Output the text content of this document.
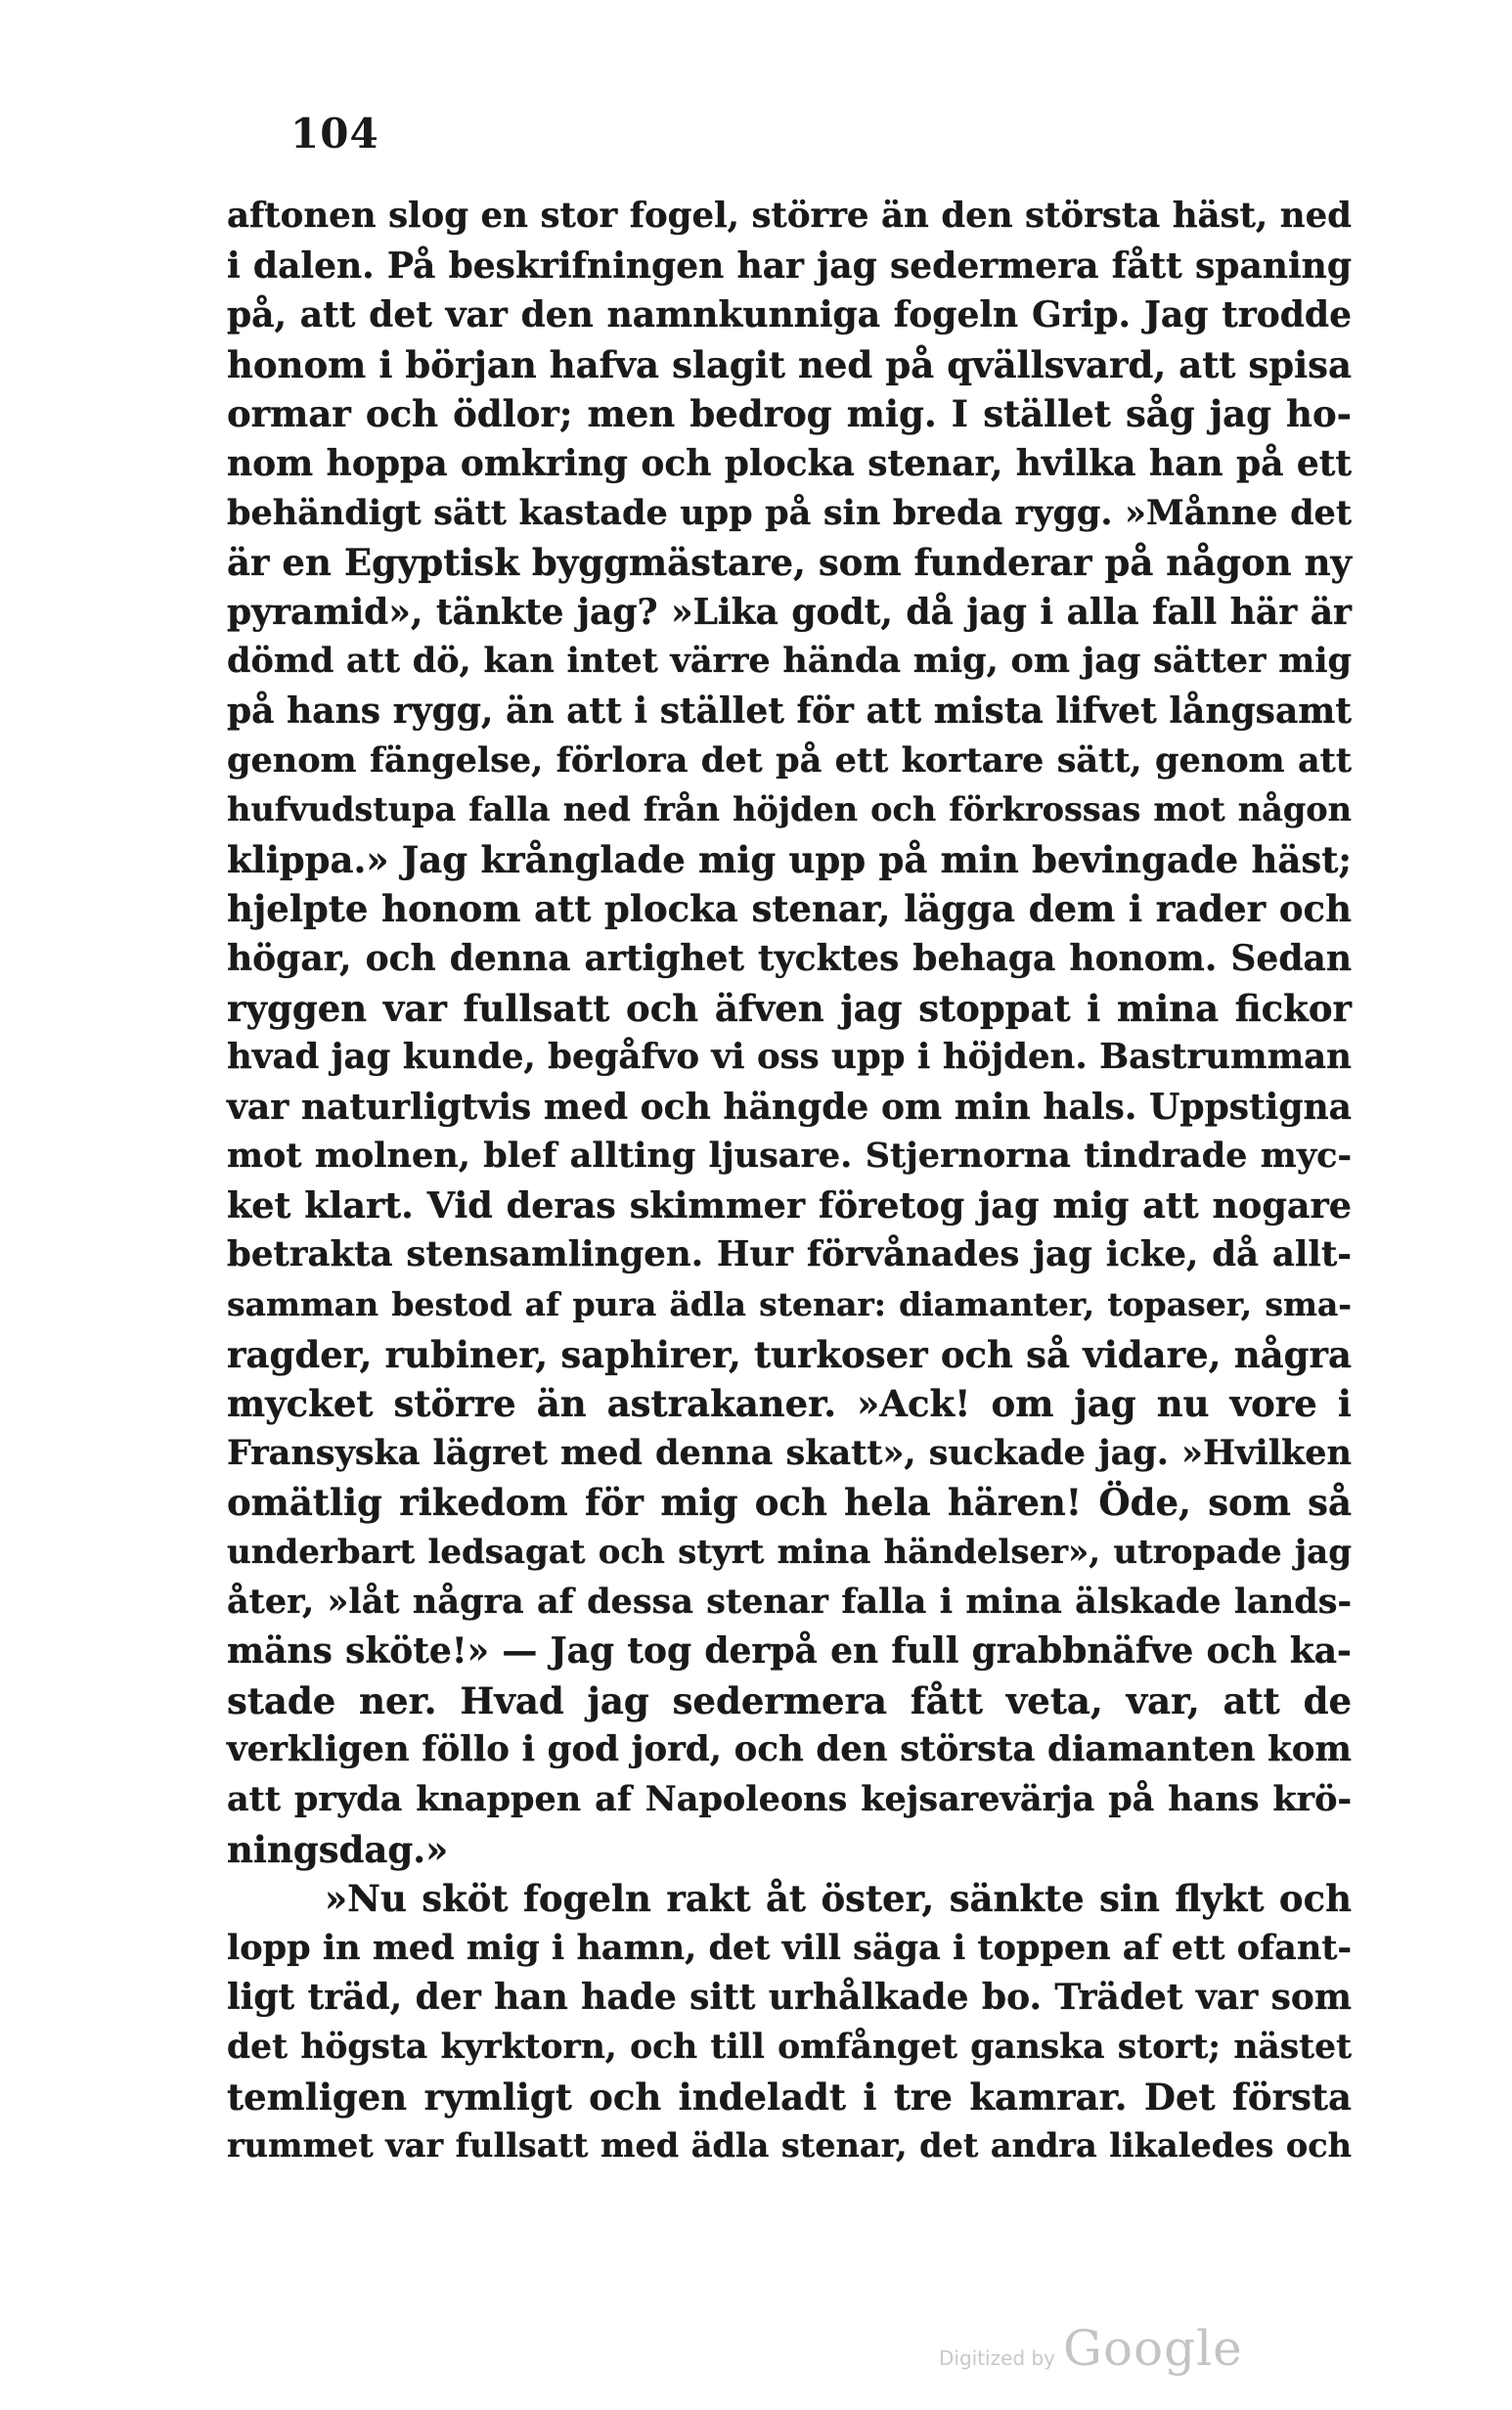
104
aftonen slog en stor fogel, större än den största häst, ned
i dalen. På beskrifningen har jag sedermera fått spaning
på, att det var den namnkunniga fogeln Grip. Jag trodde
honom i början hafva slagit ned på qvällsvard, att spisa
ormar och ödlor; men bedrog mig. I stället såg jag ho-
nom hoppa omkring och plocka stenar, hvilka han på ett
behändigt sätt kastade upp på sin breda rygg. »Månne det
är en Egyptisk byggmästare, som funderar på någon ny
pyramid», tänkte jag? »Lika godt, då jag i alla fall här är
dömd att dö, kan intet värre hända mig, om jag sätter mig
på hans rygg, än att i stället för att mista lifvet långsamt
genom fängelse, förlora det på ett kortare sätt, genom att
hufvudstupa falla ned från höjden och förkrossas mot någon
klippa.» Jag krånglade mig upp på min bevingade häst;
hjelpte honom att plocka stenar, lägga dem i rader och
högar, och denna artighet tycktes behaga honom. Sedan
ryggen var fullsatt och äfven jag stoppat i mina fickor
hvad jag kunde, begåfvo vi oss upp i höjden. Bastrumman
var naturligtvis med och hängde om min hals. Uppstigna
mot molnen, blef allting ljusare. Stjernorna tindrade myc-
ket klart. Vid deras skimmer företog jag mig att nogare
betrakta stensamlingen. Hur förvånades jag icke, då allt-
samman bestod af pura ädla stenar: diamanter, topaser, sma-
ragder, rubiner, saphirer, turkoser och så vidare, några
mycket större än astrakaner. »Ack! om jag nu vore i
Fransyska lägret med denna skatt», suckade jag. »Hvilken
omätlig rikedom för mig och hela hären! Öde, som så
underbart ledsagat och styrt mina händelser», utropade jag
åter, »låt några af dessa stenar falla i mina älskade lands-
mäns sköte!» — Jag tog derpå en full grabbnäfve och ka-
stade ner. Hvad jag sedermera fått veta, var, att de
verkligen föllo i god jord, och den största diamanten kom
att pryda knappen af Napoleons kejsarevärja på hans krö-
ningsdag.»
»Nu sköt fogeln rakt åt öster, sänkte sin flykt och
lopp in med mig i hamn, det vill säga i toppen af ett ofant-
ligt träd, der han hade sitt urhålkade bo. Trädet var som
det högsta kyrktorn, och till omfånget ganska stort; nästet
temligen rymligt och indeladt i tre kamrar. Det första
rummet var fullsatt med ädla stenar, det andra likaledes och
Digitized by Google
